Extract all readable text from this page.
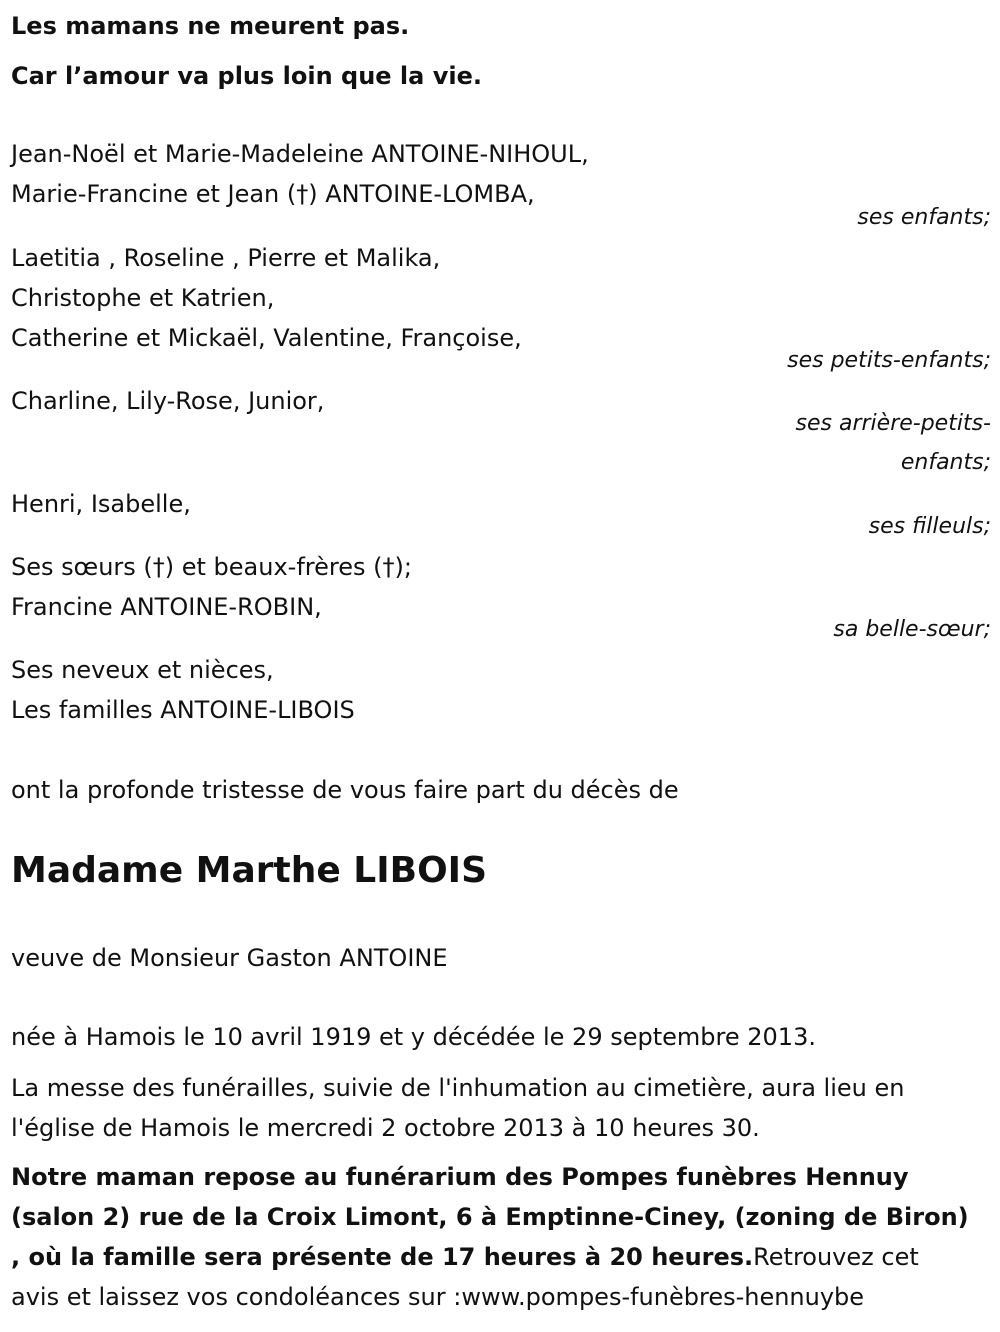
Les mamans ne meurent pas.
Car l’amour va plus loin que la vie.
Jean-Noël et Marie-Madeleine ANTOINE-NIHOUL,
Marie-Francine et Jean (†) ANTOINE-LOMBA,
ses enfants;
Laetitia , Roseline , Pierre et Malika,
Christophe et Katrien,
Catherine et Mickaël, Valentine, Françoise,
ses petits-enfants;
Charline, Lily-Rose, Junior,
ses arrière-petits-
enfants;
Henri, Isabelle,
ses filleuls;
Ses sœurs (†) et beaux-frères (†);
Francine ANTOINE-ROBIN,
sa belle-sœur;
Ses neveux et nièces,
Les familles ANTOINE-LIBOIS
ont la profonde tristesse de vous faire part du décès de
Madame Marthe LIBOIS
veuve de Monsieur Gaston ANTOINE
née à Hamois le 10 avril 1919 et y décédée le 29 septembre 2013.
La messe des funérailles, suivie de l'inhumation au cimetière, aura lieu en
l'église de Hamois le mercredi 2 octobre 2013 à 10 heures 30.
Notre maman repose au funérarium des Pompes funèbres Hennuy
(salon 2) rue de la Croix Limont, 6 à Emptinne-Ciney, (zoning de Biron)
, où la famille sera présente de 17 heures à 20 heures.Retrouvez cet
avis et laissez vos condoléances sur :www.pompes-funèbres-hennuybe
